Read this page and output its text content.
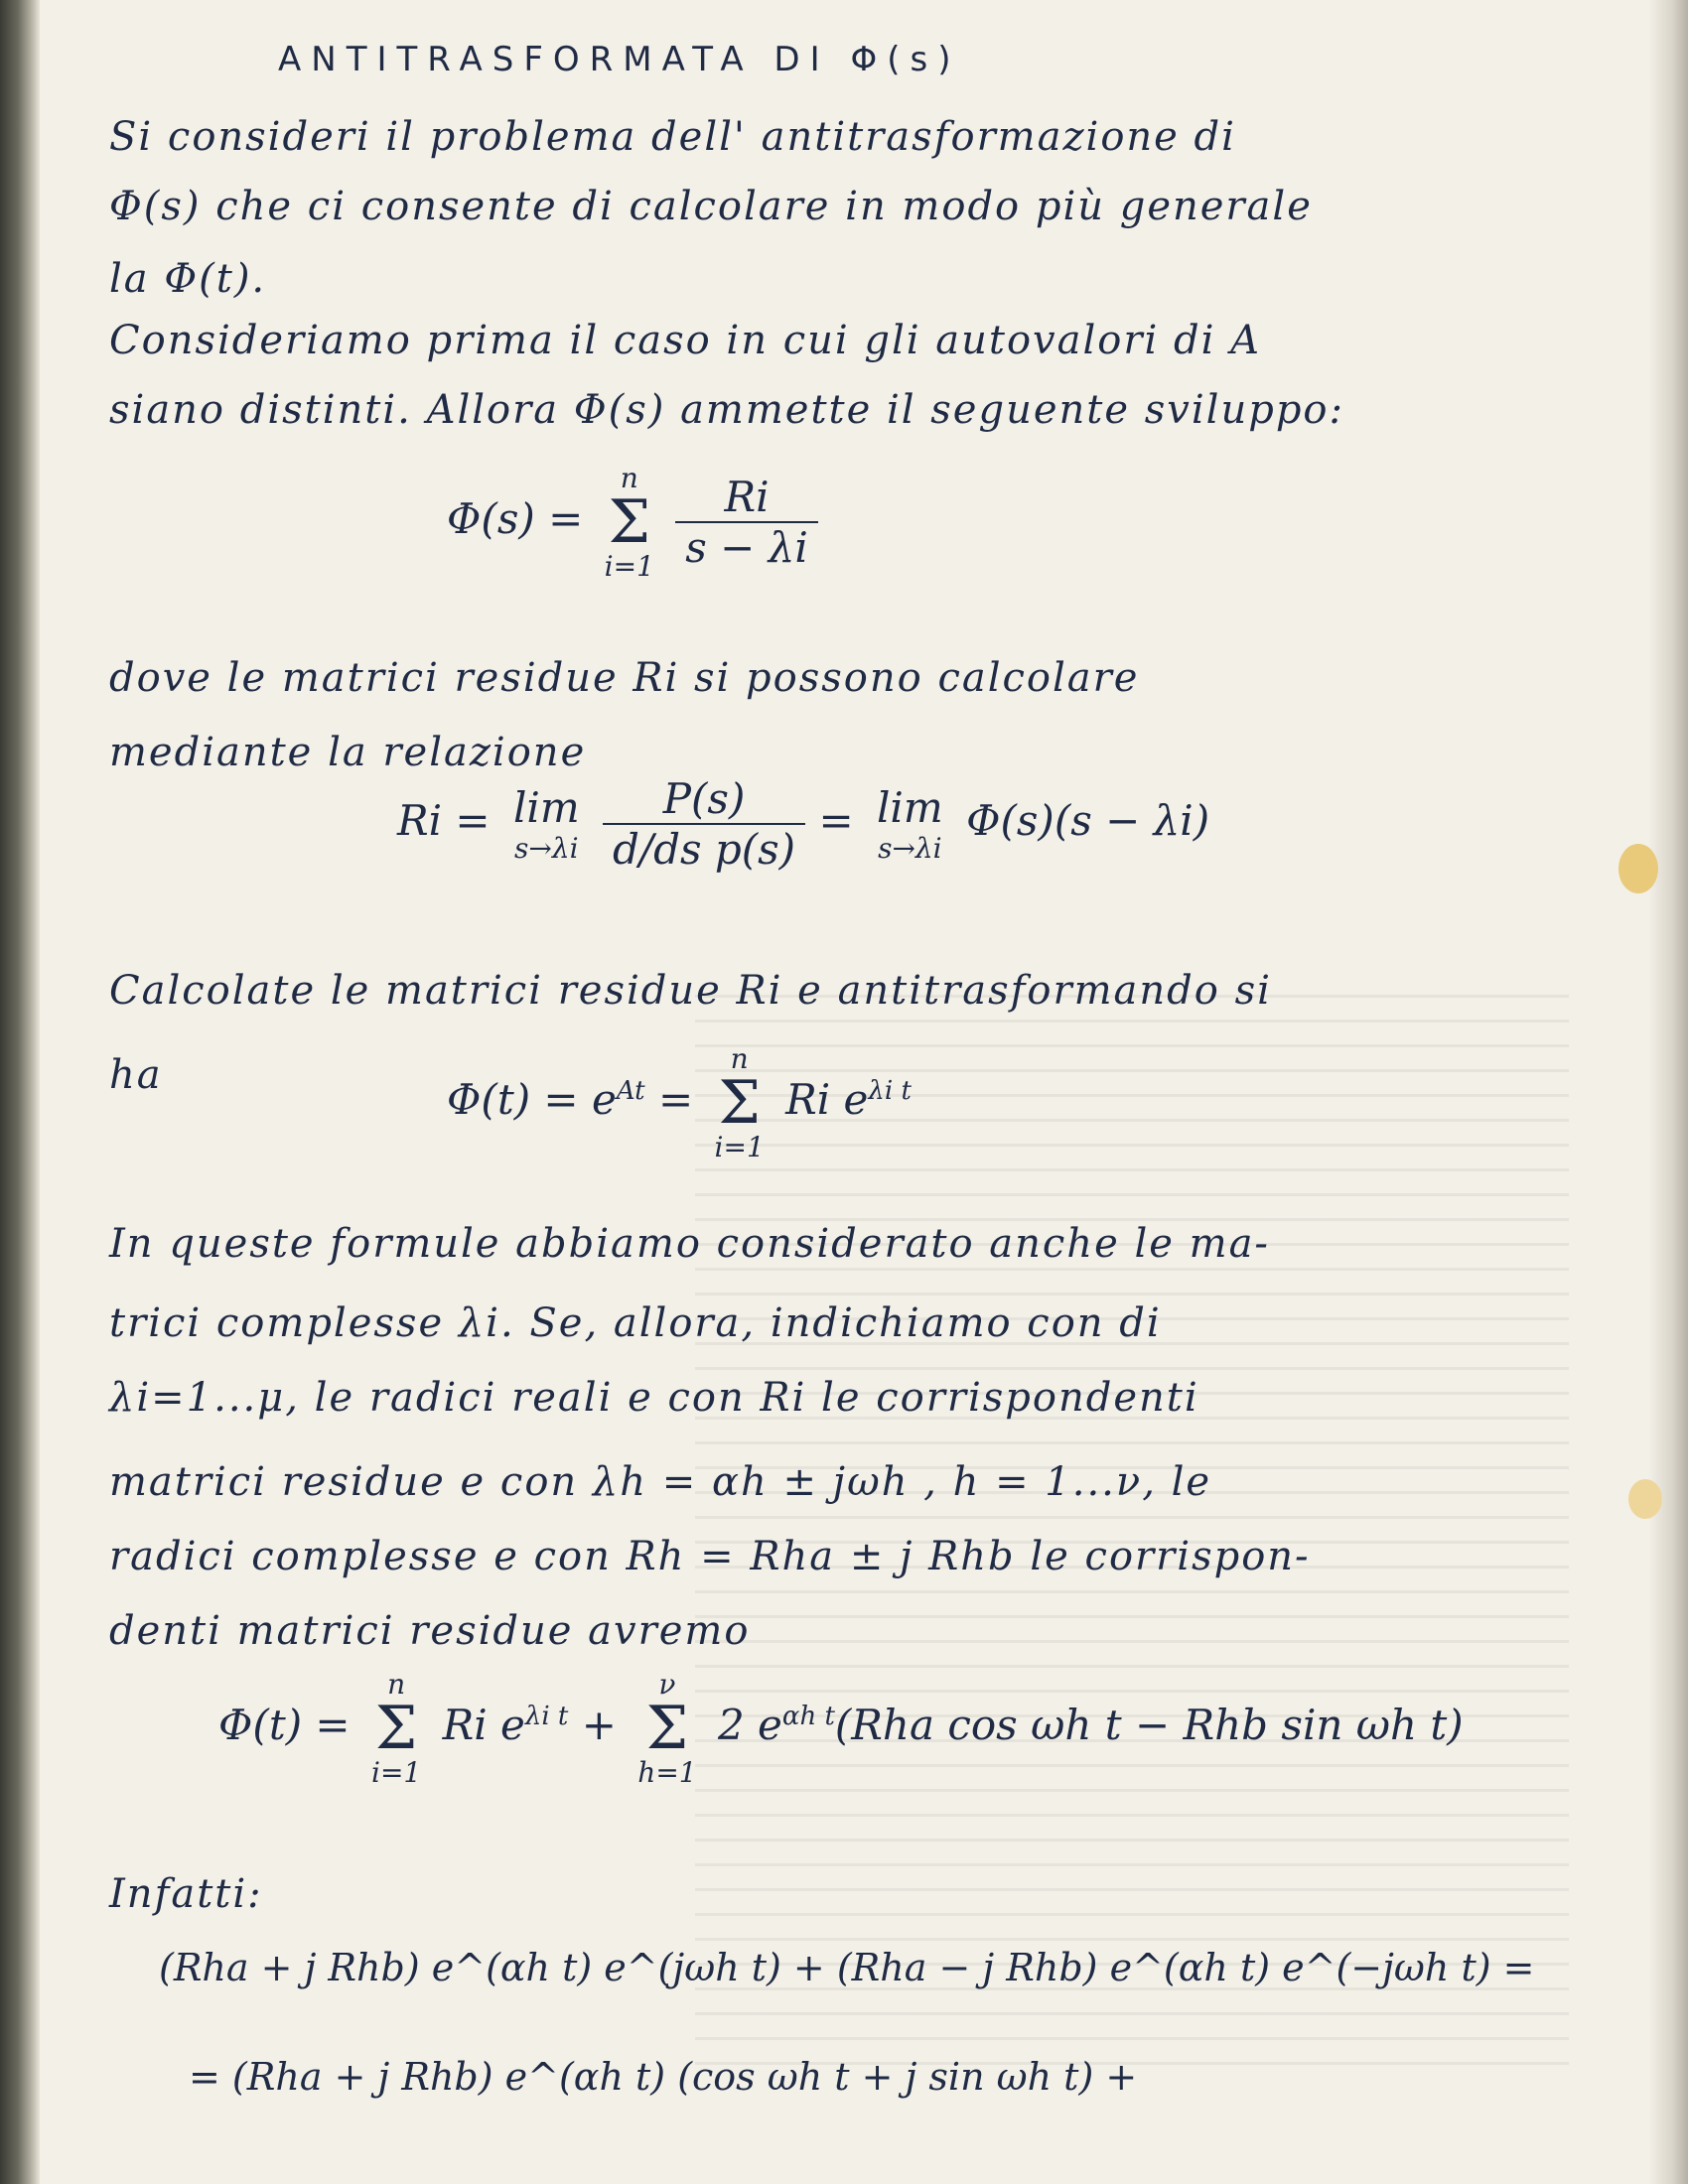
ANTITRASFORMATA DI Φ(s)
Si consideri il problema dell' antitrasformazione di
Φ(s) che ci consente di calcolare in modo più generale
la Φ(t).
Consideriamo prima il caso in cui gli autovalori di A
siano distinti. Allora Φ(s) ammette il seguente sviluppo:
Φ(s) =
n
Σ
i=1
$\frac{Ri}{s - \lambda i}$
dove le matrici residue Ri si possono calcolare
mediante la relazione
Ri = lim
s→λi
$\frac{P(s)}{\text{d/ds p(s)}} = \lim$
s→λi
Φ(s)(s − λi)
Calcolate le matrici residue Ri e antitrasformando si
ha	$\Phi(t) = e^{At}$ =
n
Σ
i=1
Ri $e^{\lambda i t}$
In queste formule abbiamo considerato anche le ma-
trici complesse λi. Se, allora, indichiamo con di
λi=1...μ, le radici reali e con Ri le corrispondenti
matrici residue e con λh = αh ± jωh , h = 1...ν, le
radici complesse e con Rh = Rha ± j Rhb le corrispon-
denti matrici residue avremo
Φ(t) =
n
Σ
i=1
Ri $e^{\lambda i t}$ +
ν
Σ
h=1
2 $e^{\alpha h t}(Rha$ cos ωh t − Rhb sin ωh t)
Infatti:
(Rha + j Rhb) e^(αh t) e^(jωh t) + (Rha − j Rhb) e^(αh t) e^(−jωh t) =
= (Rha + j Rhb) e^(αh t) (cos ωh t + j sin ωh t) +
